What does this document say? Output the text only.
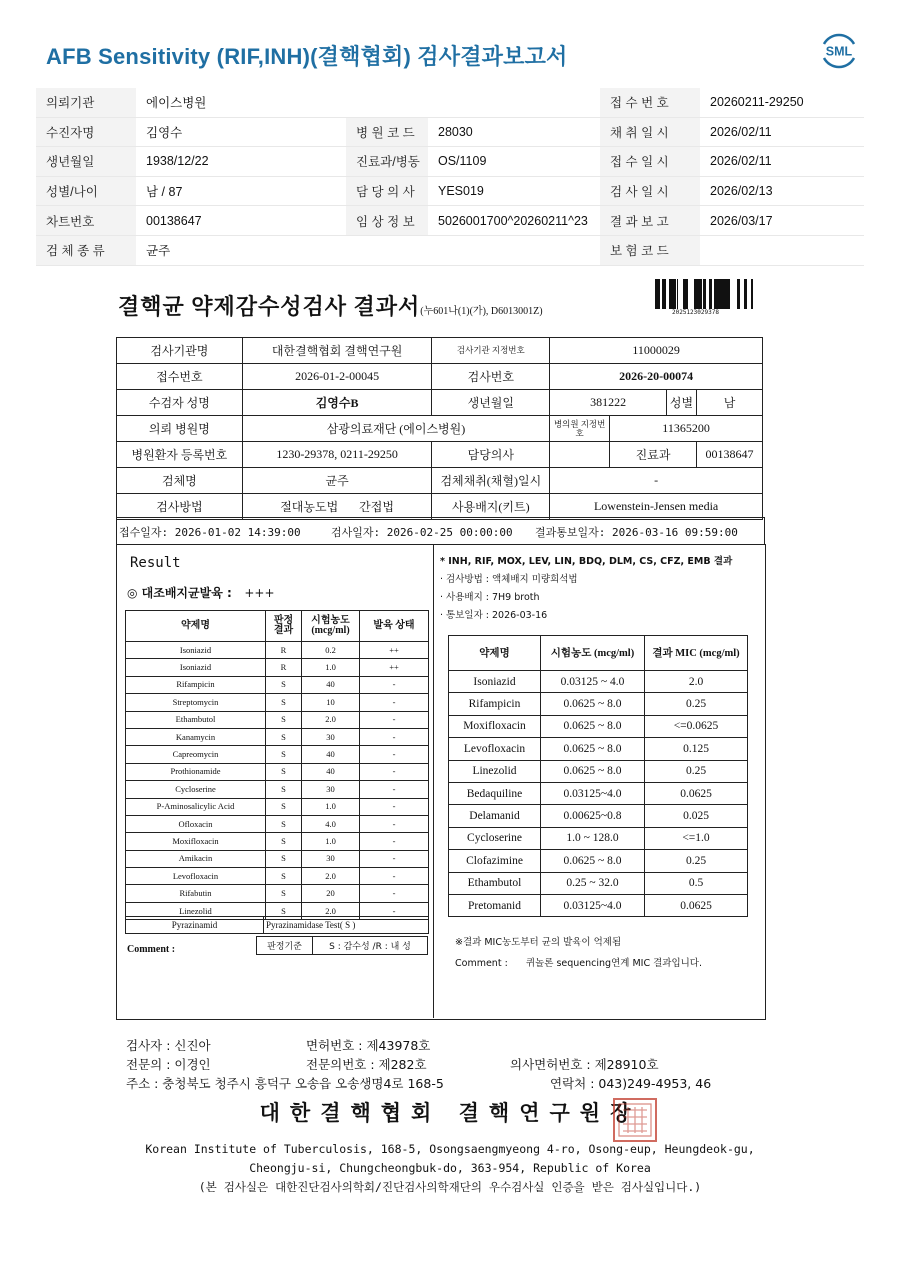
AFB Sensitivity (RIF,INH)(결핵협회) 검사결과보고서	SML
의뢰기관	에이스병원			접 수 번 호	20260211-29250
수진자명	김영수	병 원 코 드	28030	채 취 일 시	2026/02/11
생년월일	1938/12/22	진료과/병동	OS/1109	접 수 일 시	2026/02/11
성별/나이	남 / 87	담 당 의 사	YES019	검 사 일 시	2026/02/13
차트번호	00138647	임 상 정 보	5026001700^20260211^23	결 과 보 고	2026/03/17
검 체 종 류	균주			보 험 코 드	
결핵균 약제감수성검사 결과서(누601나(1)(가), D6013001Z)	2025123029378
검사기관명	대한결핵협회 결핵연구원	검사기관 지정번호	11000029			
접수번호	2026-01-2-00045	검사번호	2026-20-00074			
수검자 성명	김영수B	생년월일	381222		성별	남
의뢰 병원명	삼광의료재단 (에이스병원)		병의원 지정번호	11365200		
병원환자 등록번호	1230-29378, 0211-29250	담당의사		진료과		00138647
검체명	균주	검체채취(채혈)일시	-			
검사방법	절대농도법 간접법	사용배지(키트)	Lowenstein-Jensen media			
접수일자: 2026-01-02 14:39:00	검사일자: 2026-02-25 00:00:00 결과통보일자: 2026-03-16 09:59:00
Result
◎ 대조배지균발육 : +++
약제명	판정 결과	시험농도 (mcg/ml)	발육 상태
Isoniazid	R	0.2	++
Isoniazid	R	1.0	++
Rifampicin	S	40	-
Streptomycin	S	10	-
Ethambutol	S	2.0	-
Kanamycin	S	30	-
Capreomycin	S	40	-
Prothionamide	S	40	-
Cycloserine	S	30	-
P-Aminosalicylic Acid	S	1.0	-
Ofloxacin	S	4.0	-
Moxifloxacin	S	1.0	-
Amikacin	S	30	-
Levofloxacin	S	2.0	-
Rifabutin	S	20	-
Linezolid	S	2.0	-
Pyrazinamid	Pyrazinamidase Test( S )
판정기준	S : 감수성 /R : 내 성
Comment :
* INH, RIF, MOX, LEV, LIN, BDQ, DLM, CS, CFZ, EMB 결과
· 검사방법 : 액체배지 미량희석법
· 사용배지 : 7H9 broth
· 통보일자 : 2026-03-16
약제명	시험농도 (mcg/ml)	결과 MIC (mcg/ml)
Isoniazid	0.03125 ~ 4.0	2.0
Rifampicin	0.0625 ~ 8.0	0.25
Moxifloxacin	0.0625 ~ 8.0	<=0.0625
Levofloxacin	0.0625 ~ 8.0	0.125
Linezolid	0.0625 ~ 8.0	0.25
Bedaquiline	0.03125~4.0	0.0625
Delamanid	0.00625~0.8	0.025
Cycloserine	1.0 ~ 128.0	<=1.0
Clofazimine	0.0625 ~ 8.0	0.25
Ethambutol	0.25 ~ 32.0	0.5
Pretomanid	0.03125~4.0	0.0625
※결과 MIC농도부터 균의 발육이 억제됨
Comment : 퀴놀론 sequencing연계 MIC 결과입니다.
검사자 : 신진아	면허번호 : 제43978호
전문의 : 이경인	전문의번호 : 제282호	의사면허번호 : 제28910호
주소 : 충청북도 청주시 흥덕구 오송읍 오송생명4로 168-5	연락처 : 043)249-4953, 46
대한결핵협회 결핵연구원장
Korean Institute of Tuberculosis, 168-5, Osongsaengmyeong 4-ro, Osong-eup, Heungdeok-gu,
Cheongju-si, Chungcheongbuk-do, 363-954, Republic of Korea
(본 검사실은 대한진단검사의학회/진단검사의학재단의 우수검사실 인증을 받은 검사실입니다.)
